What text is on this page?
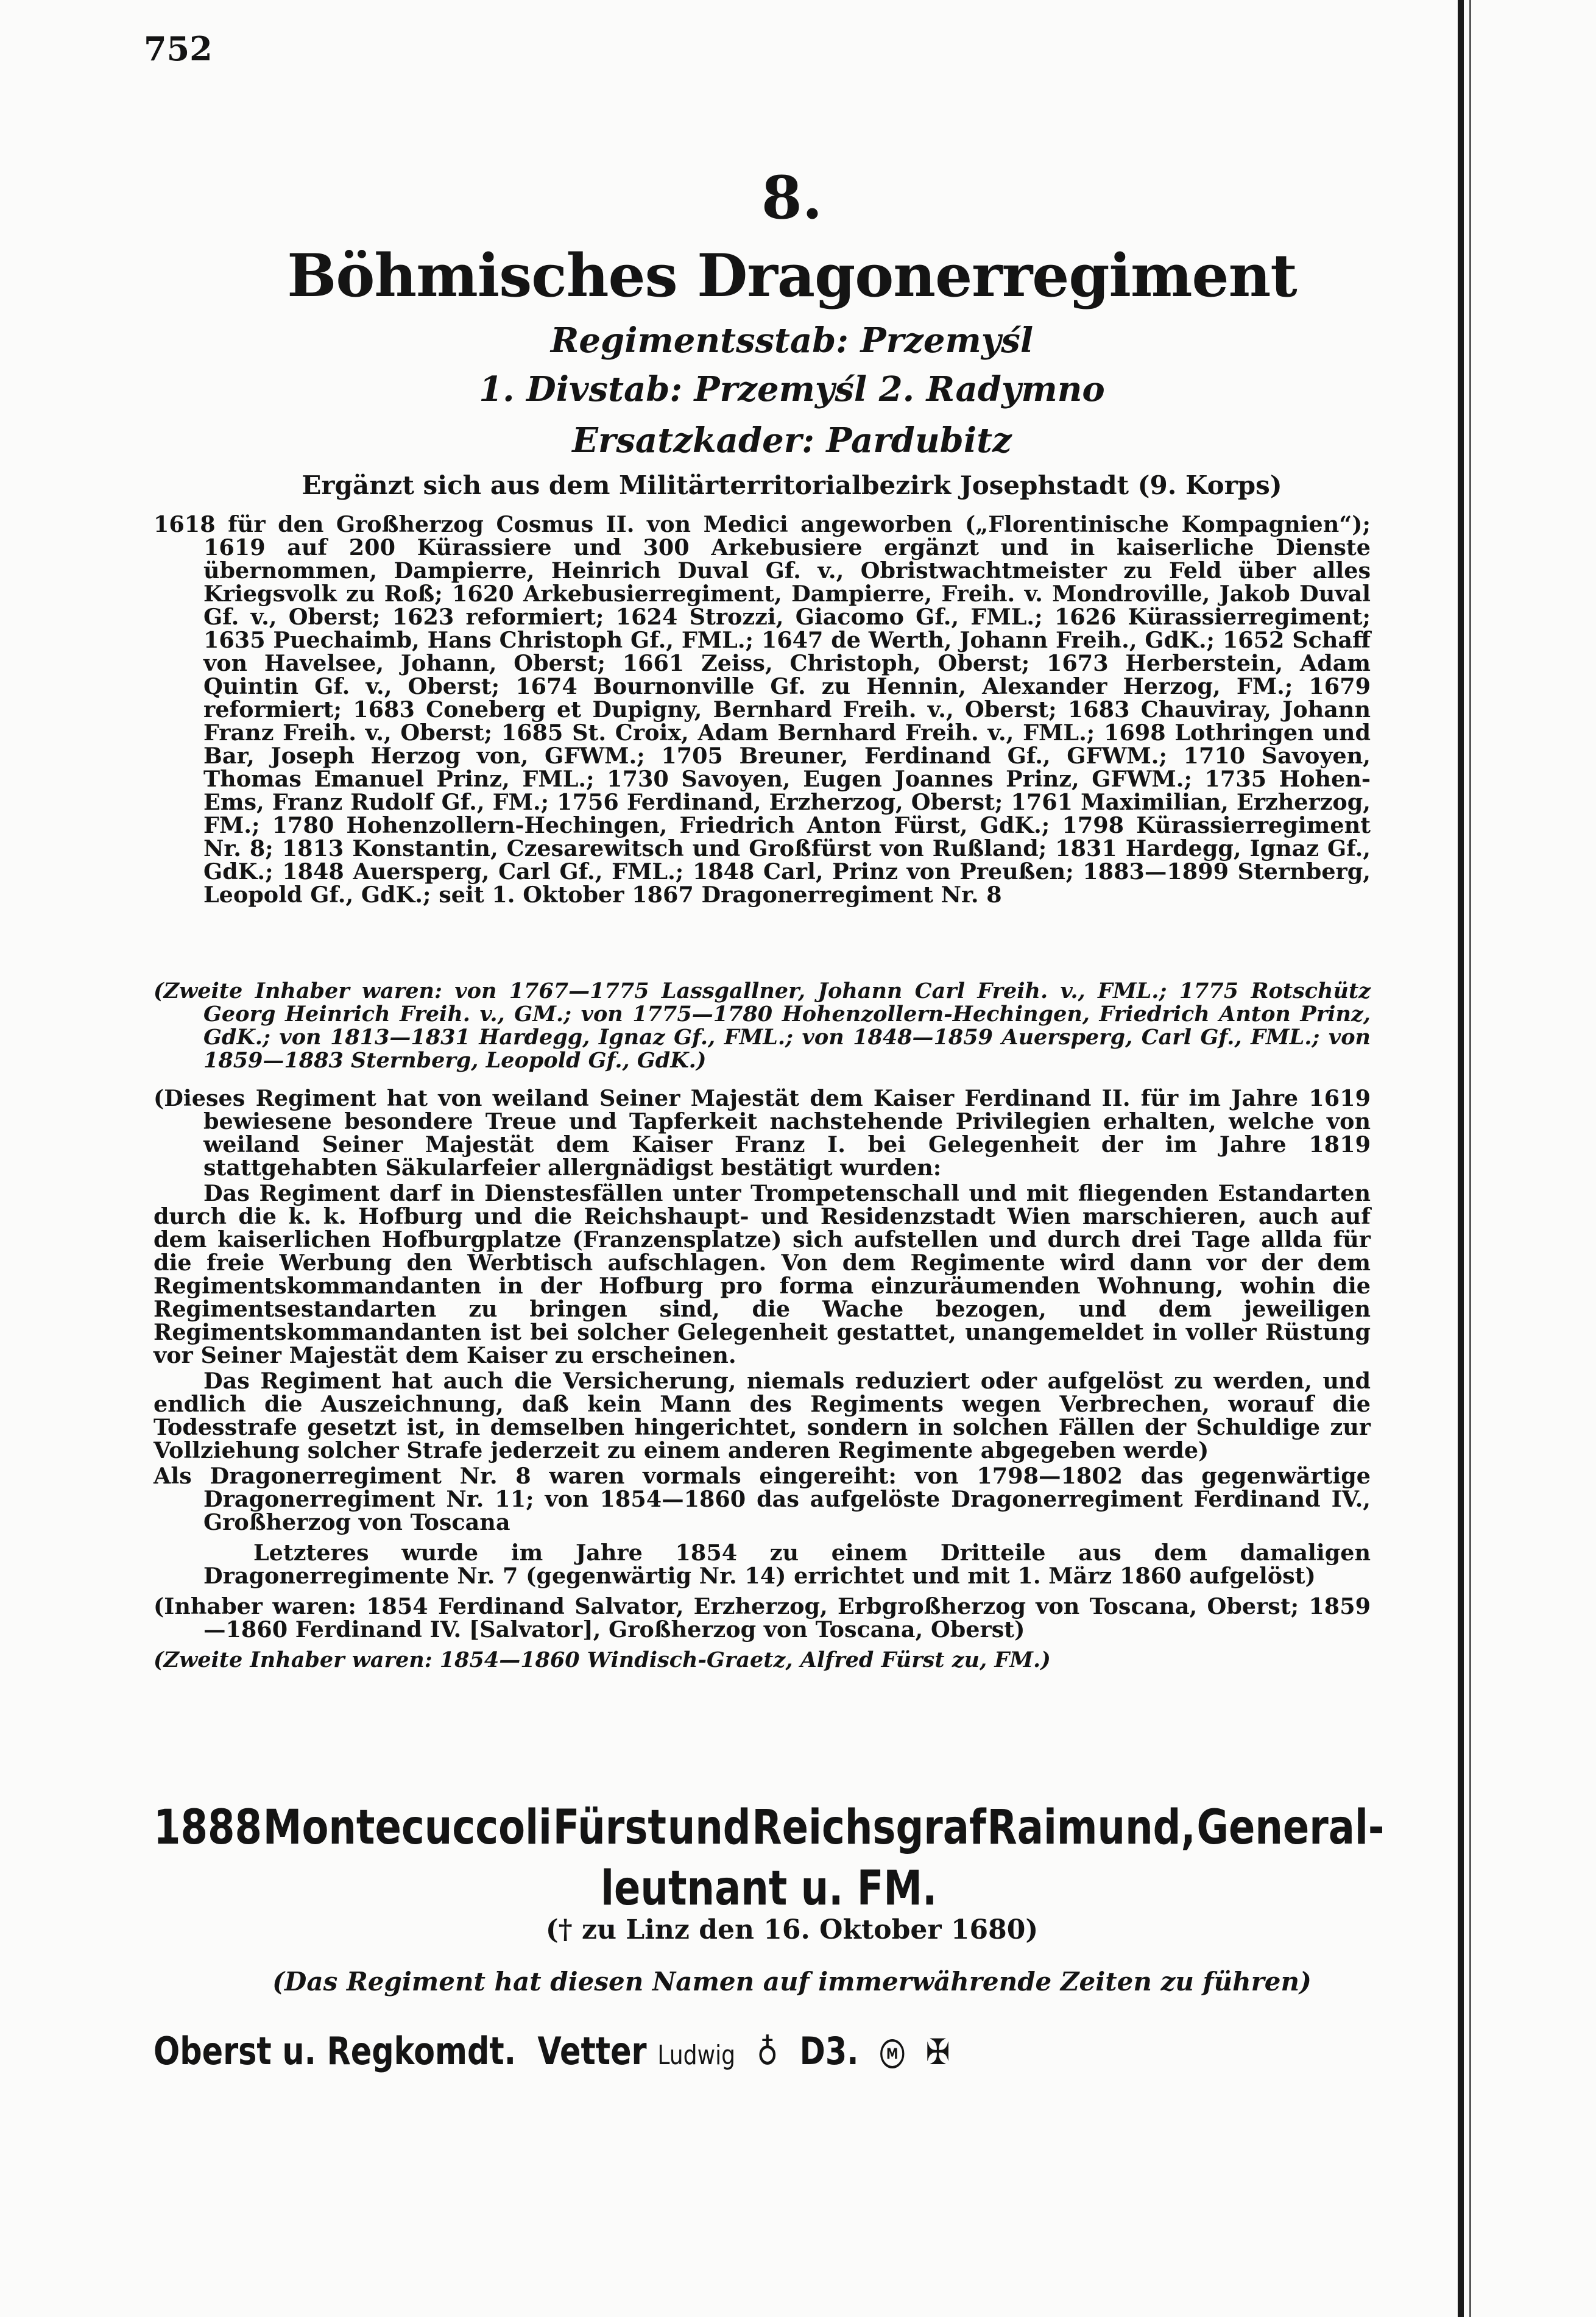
752
8.
Böhmisches Dragonerregiment
Regimentsstab: Przemyśl
1. Divstab: Przemyśl 2. Radymno
Ersatzkader: Pardubitz
Ergänzt sich aus dem Militärterritorialbezirk Josephstadt (9. Korps)

1618 für den Großherzog Cosmus II. von Medici angeworben („Florentinische Kompagnien“); 1619 auf 200 Kürassiere und 300 Arkebusiere ergänzt und in kaiserliche Dienste übernommen, Dampierre, Heinrich Duval Gf. v., Obristwachtmeister zu Feld über alles Kriegsvolk zu Roß; 1620 Arkebusierregiment, Dampierre, Freih. v. Mondroville, Jakob Duval Gf. v., Oberst; 1623 reformiert; 1624 Strozzi, Giacomo Gf., FML.; 1626 Kürassierregiment; 1635 Puechaimb, Hans Christoph Gf., FML.; 1647 de Werth, Johann Freih., GdK.; 1652 Schaff von Havelsee, Johann, Oberst; 1661 Zeiss, Christoph, Oberst; 1673 Herberstein, Adam Quintin Gf. v., Oberst; 1674 Bournonville Gf. zu Hennin, Alexander Herzog, FM.; 1679 reformiert; 1683 Coneberg et Dupigny, Bernhard Freih. v., Oberst; 1683 Chauviray, Johann Franz Freih. v., Oberst; 1685 St. Croix, Adam Bernhard Freih. v., FML.; 1698 Lothringen und Bar, Joseph Herzog von, GFWM.; 1705 Breuner, Ferdinand Gf., GFWM.; 1710 Savoyen, Thomas Emanuel Prinz, FML.; 1730 Savoyen, Eugen Joannes Prinz, GFWM.; 1735 Hohen-Ems, Franz Rudolf Gf., FM.; 1756 Ferdinand, Erzherzog, Oberst; 1761 Maximilian, Erzherzog, FM.; 1780 Hohenzollern-Hechingen, Friedrich Anton Fürst, GdK.; 1798 Kürassierregiment Nr. 8; 1813 Konstantin, Czesarewitsch und Großfürst von Rußland; 1831 Hardegg, Ignaz Gf., GdK.; 1848 Auersperg, Carl Gf., FML.; 1848 Carl, Prinz von Preußen; 1883—1899 Sternberg, Leopold Gf., GdK.; seit 1. Oktober 1867 Dragonerregiment Nr. 8

(Zweite Inhaber waren: von 1767—1775 Lassgallner, Johann Carl Freih. v., FML.; 1775 Rotschütz Georg Heinrich Freih. v., GM.; von 1775—1780 Hohenzollern-Hechingen, Friedrich Anton Prinz, GdK.; von 1813—1831 Hardegg, Ignaz Gf., FML.; von 1848—1859 Auersperg, Carl Gf., FML.; von 1859—1883 Sternberg, Leopold Gf., GdK.)

(Dieses Regiment hat von weiland Seiner Majestät dem Kaiser Ferdinand II. für im Jahre 1619 bewiesene besondere Treue und Tapferkeit nachstehende Privilegien erhalten, welche von weiland Seiner Majestät dem Kaiser Franz I. bei Gelegenheit der im Jahre 1819 stattgehabten Säkularfeier allergnädigst bestätigt wurden:

Das Regiment darf in Dienstesfällen unter Trompetenschall und mit fliegenden Estandarten durch die k. k. Hofburg und die Reichshaupt- und Residenzstadt Wien marschieren, auch auf dem kaiserlichen Hofburgplatze (Franzensplatze) sich aufstellen und durch drei Tage allda für die freie Werbung den Werbtisch aufschlagen. Von dem Regimente wird dann vor der dem Regimentskommandanten in der Hofburg pro forma einzuräumenden Wohnung, wohin die Regimentsestandarten zu bringen sind, die Wache bezogen, und dem jeweiligen Regimentskommandanten ist bei solcher Gelegenheit gestattet, unangemeldet in voller Rüstung vor Seiner Majestät dem Kaiser zu erscheinen.

Das Regiment hat auch die Versicherung, niemals reduziert oder aufgelöst zu werden, und endlich die Auszeichnung, daß kein Mann des Regiments wegen Verbrechen, worauf die Todesstrafe gesetzt ist, in demselben hingerichtet, sondern in solchen Fällen der Schuldige zur Vollziehung solcher Strafe jederzeit zu einem anderen Regimente abgegeben werde)

Als Dragonerregiment Nr. 8 waren vormals eingereiht: von 1798—1802 das gegenwärtige Dragonerregiment Nr. 11; von 1854—1860 das aufgelöste Dragonerregiment Ferdinand IV., Großherzog von Toscana

Letzteres wurde im Jahre 1854 zu einem Dritteile aus dem damaligen Dragonerregimente Nr. 7 (gegenwärtig Nr. 14) errichtet und mit 1. März 1860 aufgelöst)

(Inhaber waren: 1854 Ferdinand Salvator, Erzherzog, Erbgroßherzog von Toscana, Oberst; 1859—1860 Ferdinand IV. [Salvator], Großherzog von Toscana, Oberst)

(Zweite Inhaber waren: 1854—1860 Windisch-Graetz, Alfred Fürst zu, FM.)

1888 Montecuccoli Fürst und Reichsgraf Raimund, General-
leutnant u. FM.
(† zu Linz den 16. Oktober 1680)
(Das Regiment hat diesen Namen auf immerwährende Zeiten zu führen)
Oberst u. Regkomdt. Vetter Ludwig ♁ D3. M ✠
